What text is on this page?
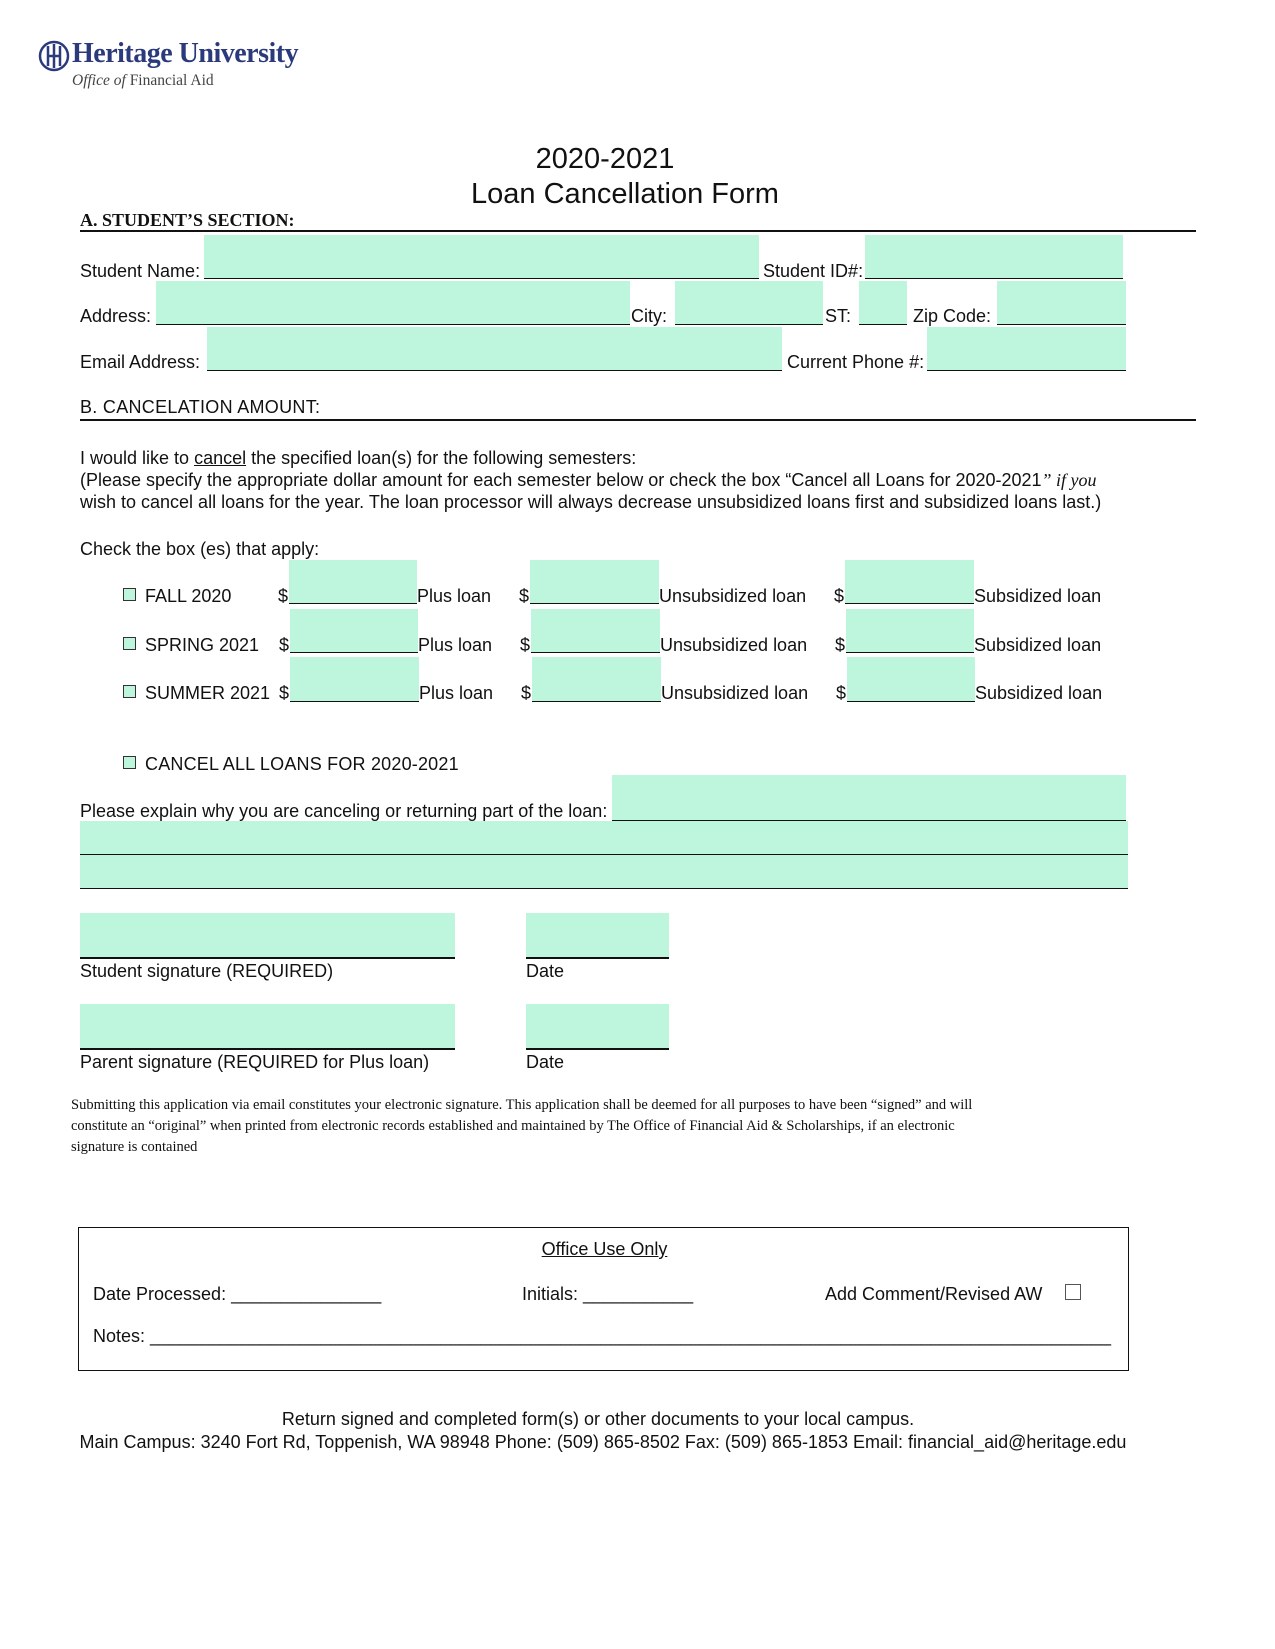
Heritage University
Office of Financial Aid
2020-2021
Loan Cancellation Form
A. STUDENT’S SECTION:
Student Name:	Student ID#:
Address:	City:	ST:	Zip Code:
Email Address:	Current Phone #:
B. CANCELATION AMOUNT:
I would like to cancel the specified loan(s) for the following semesters:
(Please specify the appropriate dollar amount for each semester below or check the box “Cancel all Loans for 2020-2021” if you
wish to cancel all loans for the year. The loan processor will always decrease unsubsidized loans first and subsidized loans last.)
Check the box (es) that apply:
FALL 2020	$	Plus loan $	Unsubsidized loan $	Subsidized loan
SPRING 2021 $	Plus loan $	Unsubsidized loan $	Subsidized loan
SUMMER 2021 $	Plus loan $	Unsubsidized loan $	Subsidized loan
CANCEL ALL LOANS FOR 2020-2021
Please explain why you are canceling or returning part of the loan:
Student signature (REQUIRED)	Date
Parent signature (REQUIRED for Plus loan)	Date
Submitting this application via email constitutes your electronic signature. This application shall be deemed for all purposes to have been “signed” and will
constitute an “original” when printed from electronic records established and maintained by The Office of Financial Aid & Scholarships, if an electronic
signature is contained
Office Use Only
Date Processed: _______________	Initials: ___________	Add Comment/Revised AW
Notes: ________________________________________________________________________________________________
Return signed and completed form(s) or other documents to your local campus.
Main Campus: 3240 Fort Rd, Toppenish, WA 98948 Phone: (509) 865-8502 Fax: (509) 865-1853 Email: financial_aid@heritage.edu
